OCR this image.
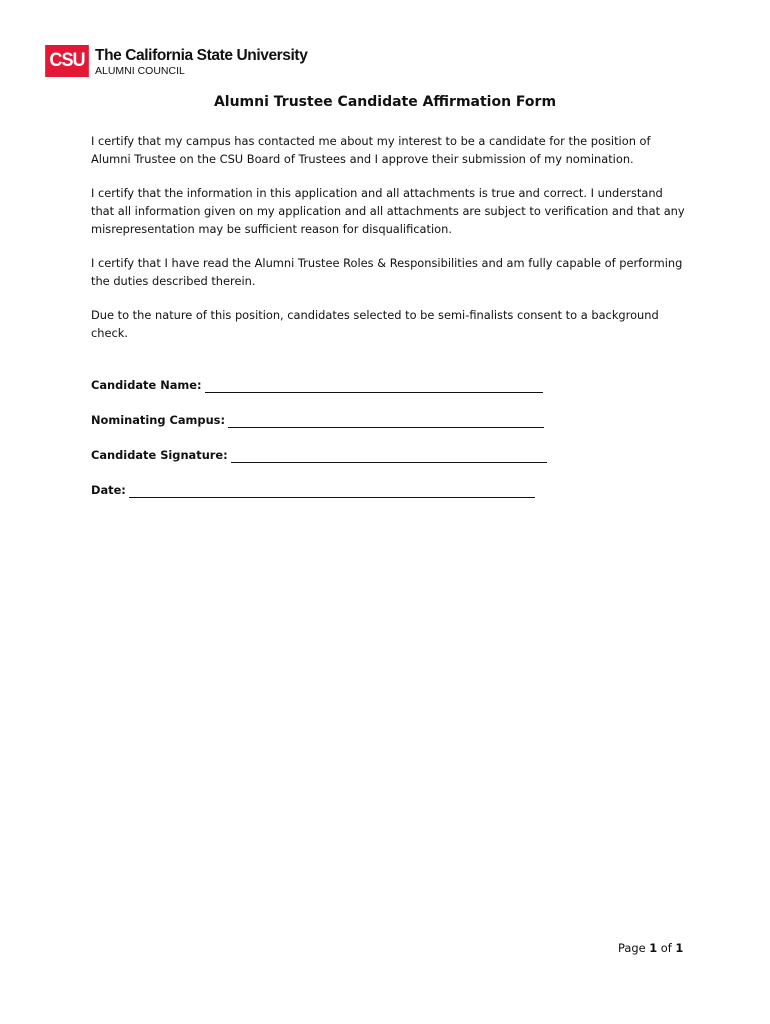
CSU The California State University
ALUMNI COUNCIL
Alumni Trustee Candidate Affirmation Form
I certify that my campus has contacted me about my interest to be a candidate for the position of
Alumni Trustee on the CSU Board of Trustees and I approve their submission of my nomination.
I certify that the information in this application and all attachments is true and correct. I understand
that all information given on my application and all attachments are subject to verification and that any
misrepresentation may be sufficient reason for disqualification.
I certify that I have read the Alumni Trustee Roles & Responsibilities and am fully capable of performing
the duties described therein.
Due to the nature of this position, candidates selected to be semi-finalists consent to a background
check.
Candidate Name:
Nominating Campus:
Candidate Signature:
Date:
Page 1 of 1
